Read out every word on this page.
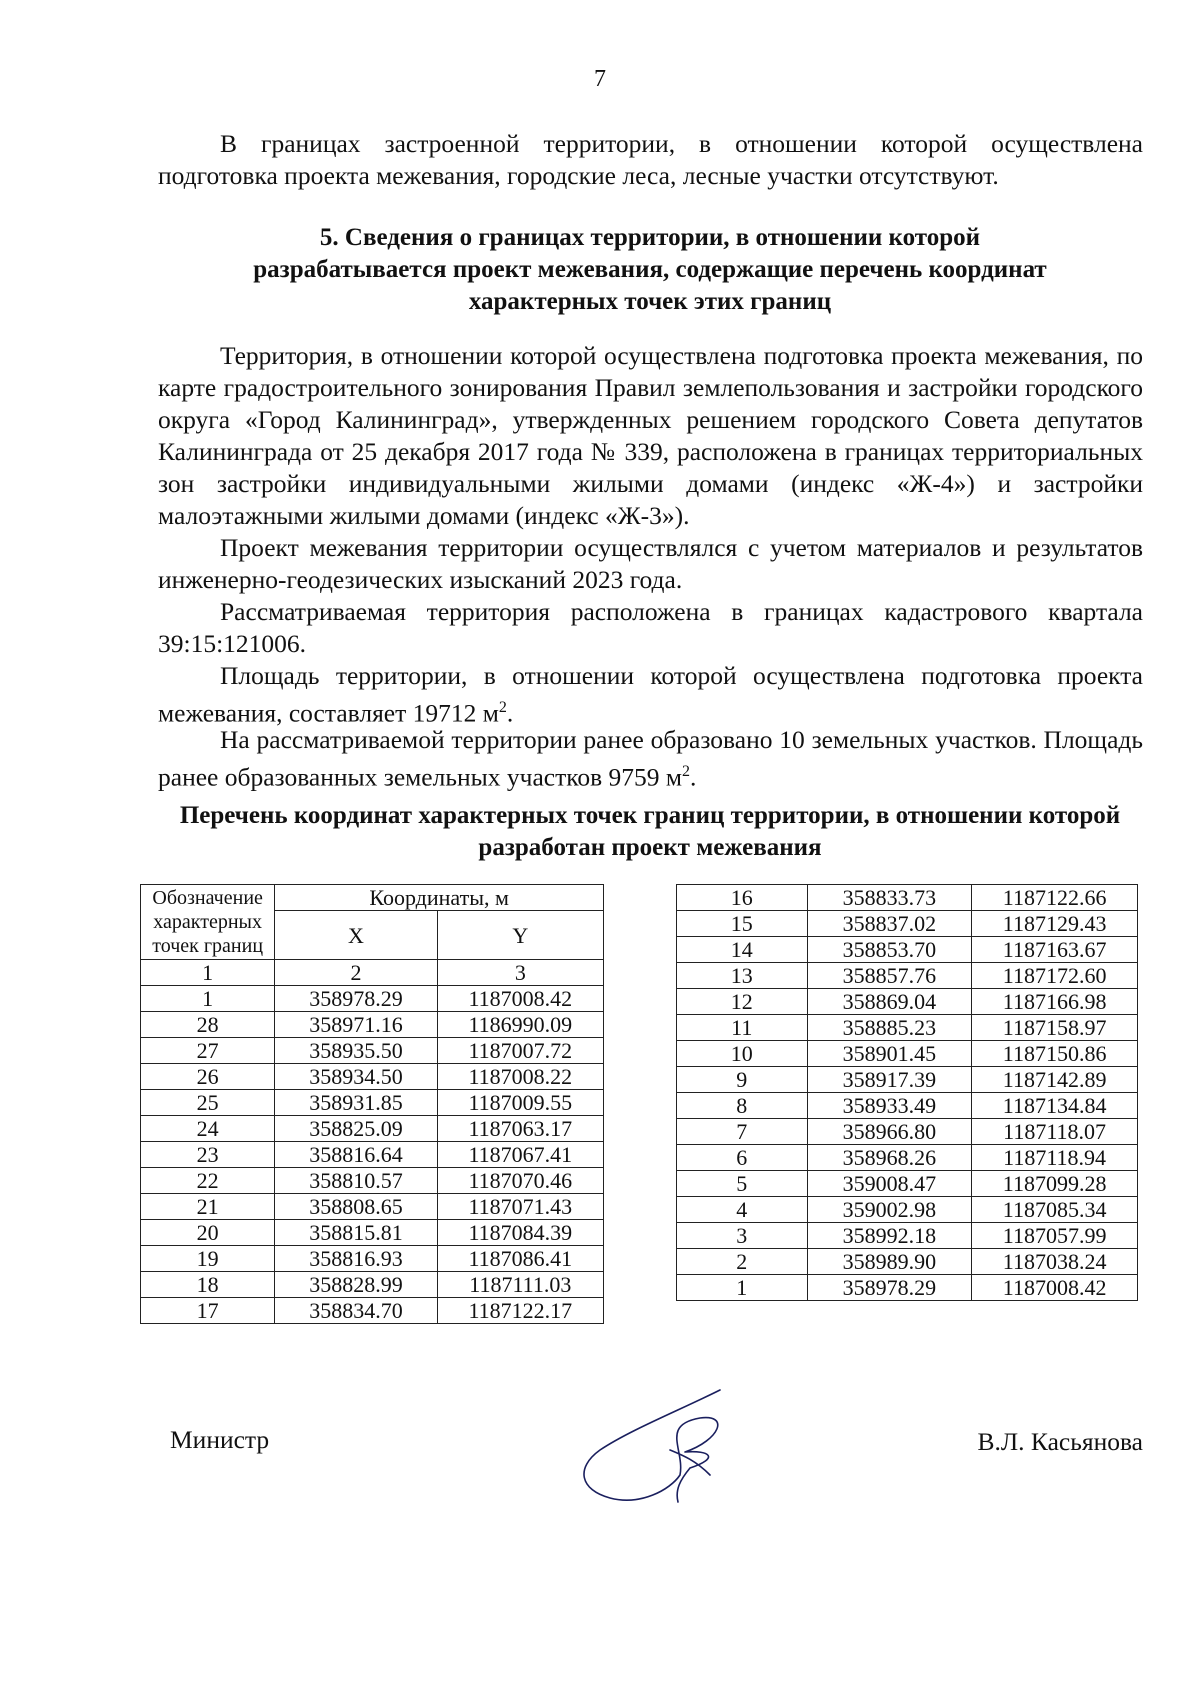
7

В границах застроенной территории, в отношении которой осуществлена подготовка проекта межевания, городские леса, лесные участки отсутствуют.

5. Сведения о границах территории, в отношении которой разрабатывается проект межевания, содержащие перечень координат характерных точек этих границ

Территория, в отношении которой осуществлена подготовка проекта межевания, по карте градостроительного зонирования Правил землепользования и застройки городского округа «Город Калининград», утвержденных решением городского Совета депутатов Калининграда от 25 декабря 2017 года № 339, расположена в границах территориальных зон застройки индивидуальными жилыми домами (индекс «Ж-4») и застройки малоэтажными жилыми домами (индекс «Ж-3»).

Проект межевания территории осуществлялся с учетом материалов и результатов инженерно-геодезических изысканий 2023 года.

Рассматриваемая территория расположена в границах кадастрового квартала 39:15:121006.

Площадь территории, в отношении которой осуществлена подготовка проекта межевания, составляет 19712 $м^2$.

На рассматриваемой территории ранее образовано 10 земельных участков. Площадь ранее образованных земельных участков 9759 $м^2$.

Перечень координат характерных точек границ территории, в отношении которой разработан проект межевания

Обозначение характерных точек границ	Координаты, м	
	X	Y
1	2	3
1	358978.29	1187008.42
28	358971.16	1186990.09
27	358935.50	1187007.72
26	358934.50	1187008.22
25	358931.85	1187009.55
24	358825.09	1187063.17
23	358816.64	1187067.41
22	358810.57	1187070.46
21	358808.65	1187071.43
20	358815.81	1187084.39
19	358816.93	1187086.41
18	358828.99	1187111.03
17	358834.70	1187122.17
16	358833.73	1187122.66
15	358837.02	1187129.43
14	358853.70	1187163.67
13	358857.76	1187172.60
12	358869.04	1187166.98
11	358885.23	1187158.97
10	358901.45	1187150.86
9	358917.39	1187142.89
8	358933.49	1187134.84
7	358966.80	1187118.07
6	358968.26	1187118.94
5	359008.47	1187099.28
4	359002.98	1187085.34
3	358992.18	1187057.99
2	358989.90	1187038.24
1	358978.29	1187008.42
Министр	В.Л. Касьянова
